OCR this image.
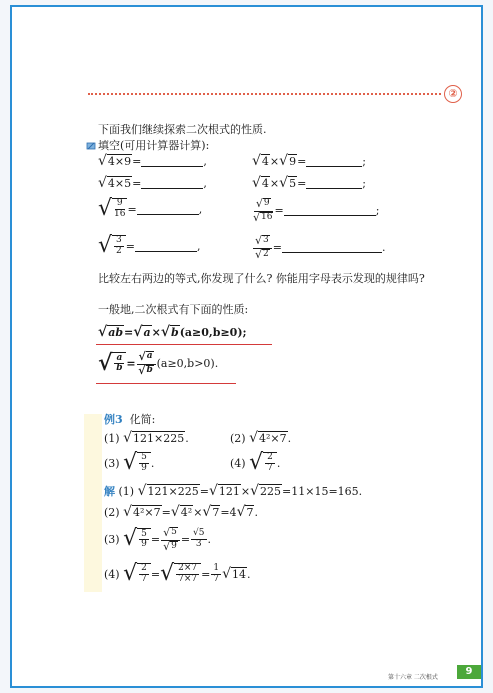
②
下面我们继续探索二次根式的性质.
填空(可用计算器计算):
√ 4×9 =	,	√ 4 × √ 9 =	;
√ 4×5 =	,	√ 4 × √ 5 =	;
√ $\frac{9}{16}$ =	,	$\frac{√ 9}{√ 16}$ =	;
√ $\frac{3}{2}$ =	,	$\frac{√ 3}{√ 2}$ =	.
比较左右两边的等式,你发现了什么? 你能用字母表示发现的规律吗?
一般地,二次根式有下面的性质:
√ ab = √ a × √ b (a≥0,b≥0);
√ $\frac{a}{b} = \frac{√ a}{√ b} (a\ge 0,b>0)$.
例3 化简:
(1)
√ 121×225 .	(2)
√ 4²×7 .
(3)
√ $\frac{5}{9}$ .	(4)
√ $\frac{2}{7}$ .
解
(1)
√ 121×225 = √ 121 × √ 225 =11×15=165.
(2)
√ 4²×7 = √ 4² × √ 7 =4 √ 7 .
(3)
√ $\frac{5}{9} = \frac{√ 5}{√ 9} = \frac{√5}{3}$ .
(4)
√ $\frac{2}{7}$ = √ $\frac{2\times 7}{7\times 7} = \frac{1}{7}$ √ 14 .
第十六章 二次根式
9
